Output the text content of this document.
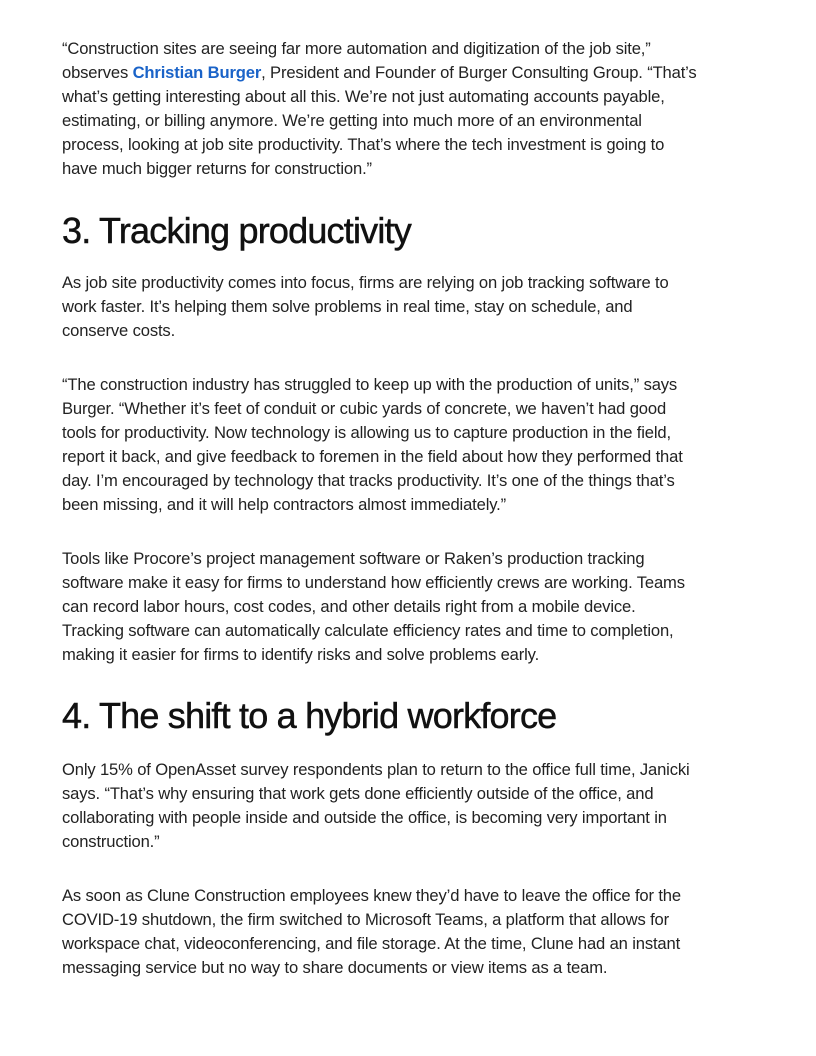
“Construction sites are seeing far more automation and digitization of the job site,”
observes Christian Burger, President and Founder of Burger Consulting Group. “That’s
what’s getting interesting about all this. We’re not just automating accounts payable,
estimating, or billing anymore. We’re getting into much more of an environmental
process, looking at job site productivity. That’s where the tech investment is going to
have much bigger returns for construction.”

3. Tracking productivity

As job site productivity comes into focus, firms are relying on job tracking software to
work faster. It’s helping them solve problems in real time, stay on schedule, and
conserve costs.

“The construction industry has struggled to keep up with the production of units,” says
Burger. “Whether it’s feet of conduit or cubic yards of concrete, we haven’t had good
tools for productivity. Now technology is allowing us to capture production in the field,
report it back, and give feedback to foremen in the field about how they performed that
day. I’m encouraged by technology that tracks productivity. It’s one of the things that’s
been missing, and it will help contractors almost immediately.”

Tools like Procore’s project management software or Raken’s production tracking
software make it easy for firms to understand how efficiently crews are working. Teams
can record labor hours, cost codes, and other details right from a mobile device.
Tracking software can automatically calculate efficiency rates and time to completion,
making it easier for firms to identify risks and solve problems early.

4. The shift to a hybrid workforce

Only 15% of OpenAsset survey respondents plan to return to the office full time, Janicki
says. “That’s why ensuring that work gets done efficiently outside of the office, and
collaborating with people inside and outside the office, is becoming very important in
construction.”

As soon as Clune Construction employees knew they’d have to leave the office for the
COVID-19 shutdown, the firm switched to Microsoft Teams, a platform that allows for
workspace chat, videoconferencing, and file storage. At the time, Clune had an instant
messaging service but no way to share documents or view items as a team.
